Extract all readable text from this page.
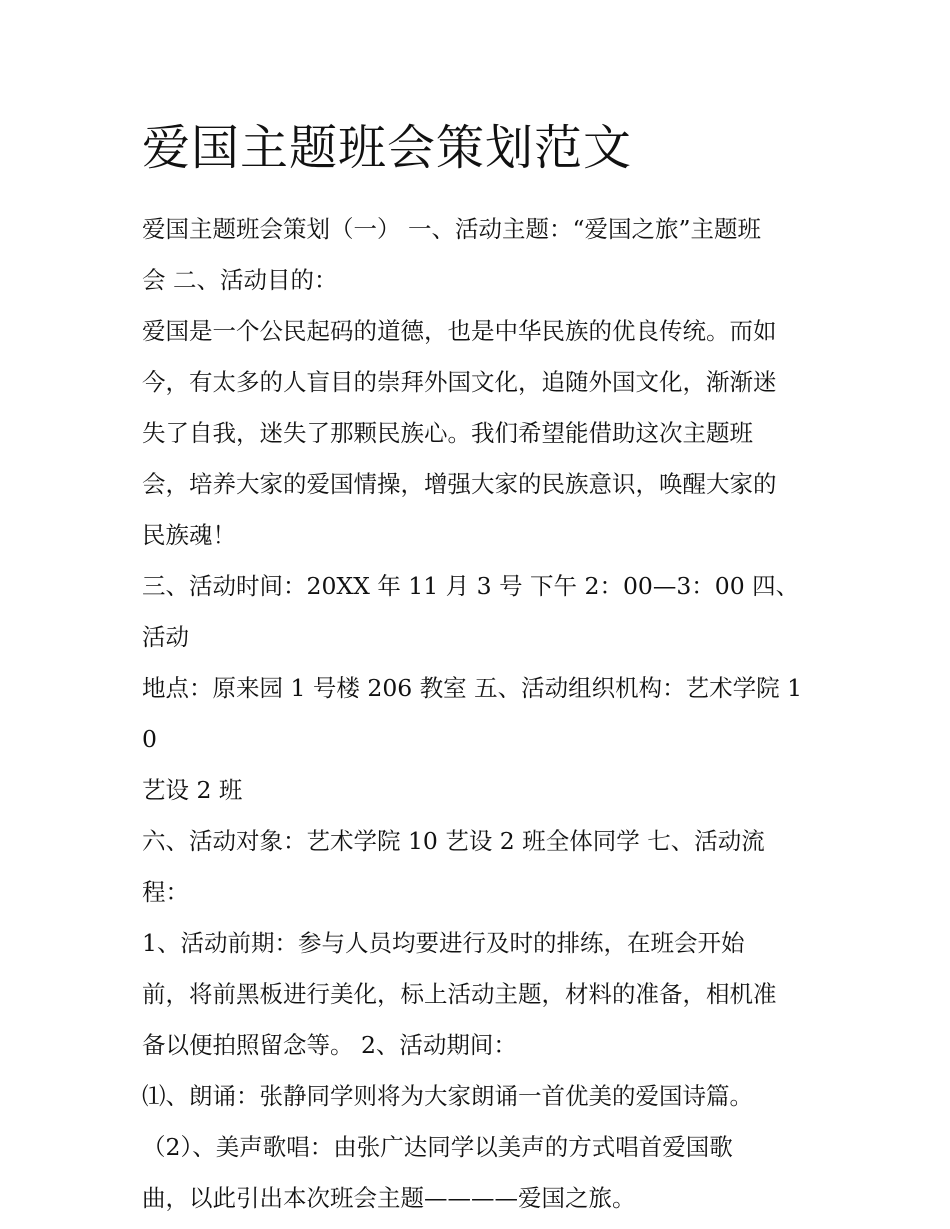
爱国主题班会策划范文

爱国主题班会策划（一） 一、活动主题：“爱国之旅”主题班
会 二、活动目的：

爱国是一个公民起码的道德，也是中华民族的优良传统。而如
今，有太多的人盲目的崇拜外国文化，追随外国文化，渐渐迷
失了自我，迷失了那颗民族心。我们希望能借助这次主题班
会，培养大家的爱国情操，增强大家的民族意识，唤醒大家的
民族魂！

三、活动时间：20XX 年 11 月 3 号 下午 2：00—3：00 四、活动
地点：原来园 1 号楼 206 教室 五、活动组织机构：艺术学院 10
艺设 2 班

六、活动对象：艺术学院 10 艺设 2 班全体同学 七、活动流
程：

1、活动前期：参与人员均要进行及时的排练，在班会开始
前，将前黑板进行美化，标上活动主题，材料的准备，相机准
备以便拍照留念等。 2、活动期间：

⑴、朗诵：张静同学则将为大家朗诵一首优美的爱国诗篇。

（2）、美声歌唱：由张广达同学以美声的方式唱首爱国歌
曲，以此引出本次班会主题————爱国之旅。
